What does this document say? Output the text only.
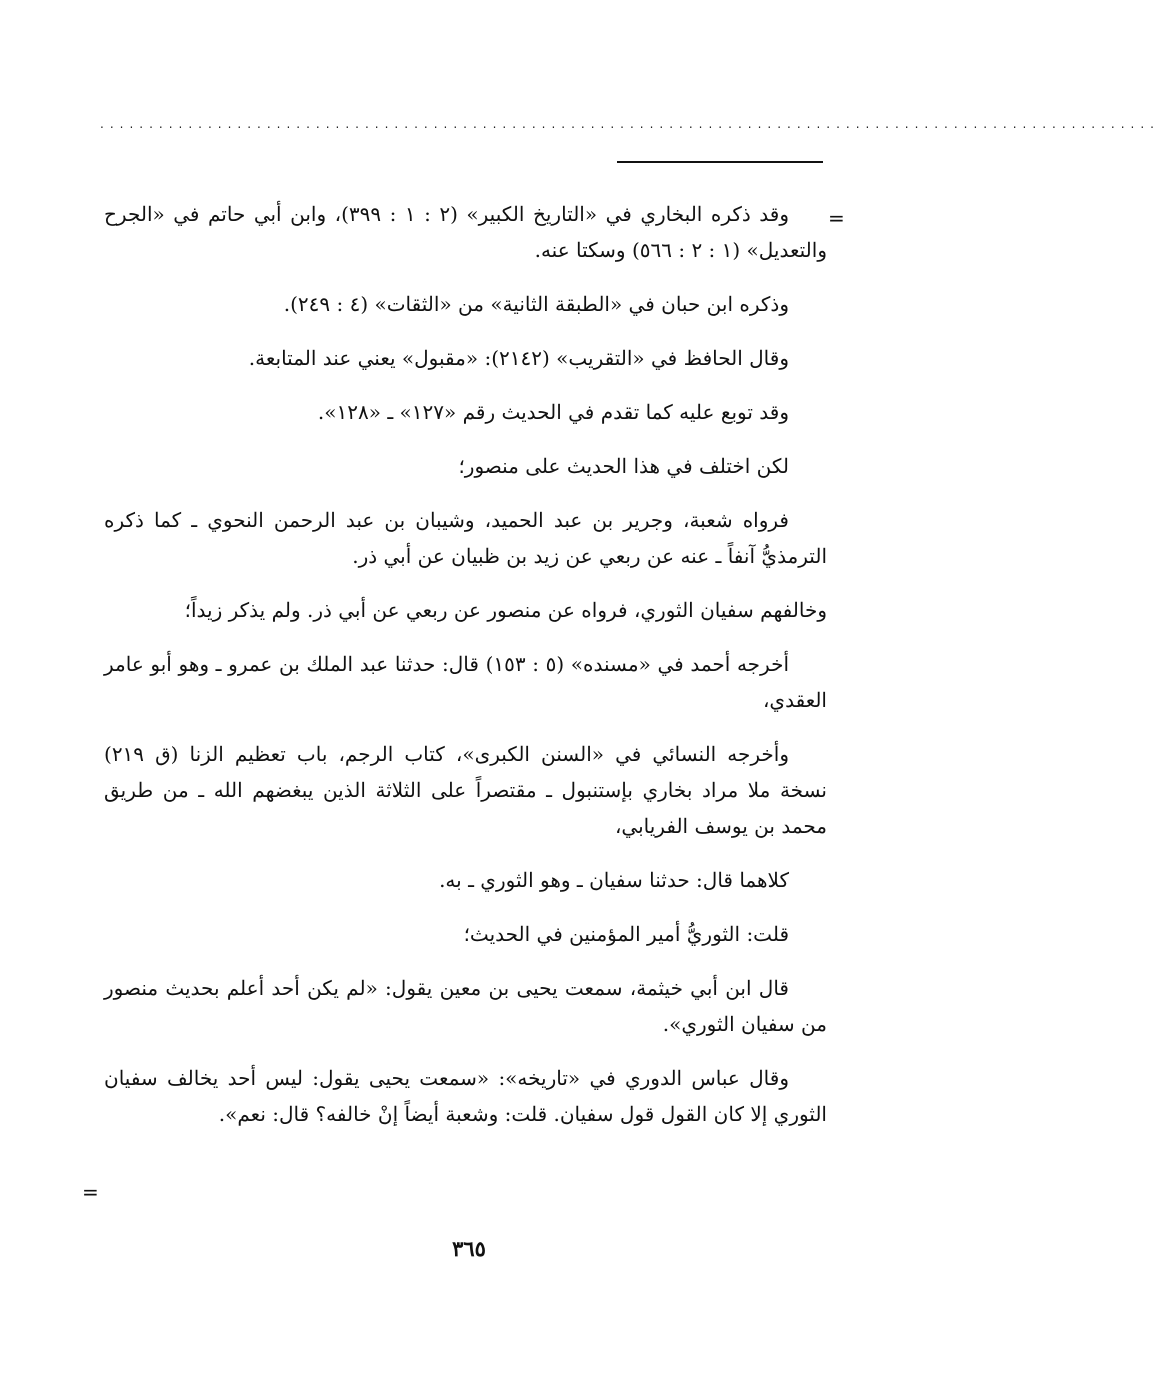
............................................................................................................
=

وقد ذكره البخاري في «التاريخ الكبير» (٢ : ١ : ٣٩٩)، وابن أبي حاتم في «الجرح والتعديل» (١ : ٢ : ٥٦٦) وسكتا عنه.

وذكره ابن حبان في «الطبقة الثانية» من «الثقات» (٤ : ٢٤٩).

وقال الحافظ في «التقريب» (٢١٤٢): «مقبول» يعني عند المتابعة.

وقد توبع عليه كما تقدم في الحديث رقم «١٢٧» ـ «١٢٨».

لكن اختلف في هذا الحديث على منصور؛

فرواه شعبة، وجرير بن عبد الحميد، وشيبان بن عبد الرحمن النحوي ـ كما ذكره الترمذيُّ آنفاً ـ عنه عن ربعي عن زيد بن ظبيان عن أبي ذر.

وخالفهم سفيان الثوري، فرواه عن منصور عن ربعي عن أبي ذر. ولم يذكر زيداً؛

أخرجه أحمد في «مسنده» (٥ : ١٥٣) قال: حدثنا عبد الملك بن عمرو ـ وهو أبو عامر العقدي،

وأخرجه النسائي في «السنن الكبرى»، كتاب الرجم، باب تعظيم الزنا (ق ٢١٩) نسخة ملا مراد بخاري بإستنبول ـ مقتصراً على الثلاثة الذين يبغضهم الله ـ من طريق محمد بن يوسف الفريابي،

كلاهما قال: حدثنا سفيان ـ وهو الثوري ـ به.

قلت: الثوريُّ أمير المؤمنين في الحديث؛

قال ابن أبي خيثمة، سمعت يحيى بن معين يقول: «لم يكن أحد أعلم بحديث منصور من سفيان الثوري».

وقال عباس الدوري في «تاريخه»: «سمعت يحيى يقول: ليس أحد يخالف سفيان الثوري إلا كان القول قول سفيان. قلت: وشعبة أيضاً إنْ خالفه؟ قال: نعم».

=
٣٦٥
